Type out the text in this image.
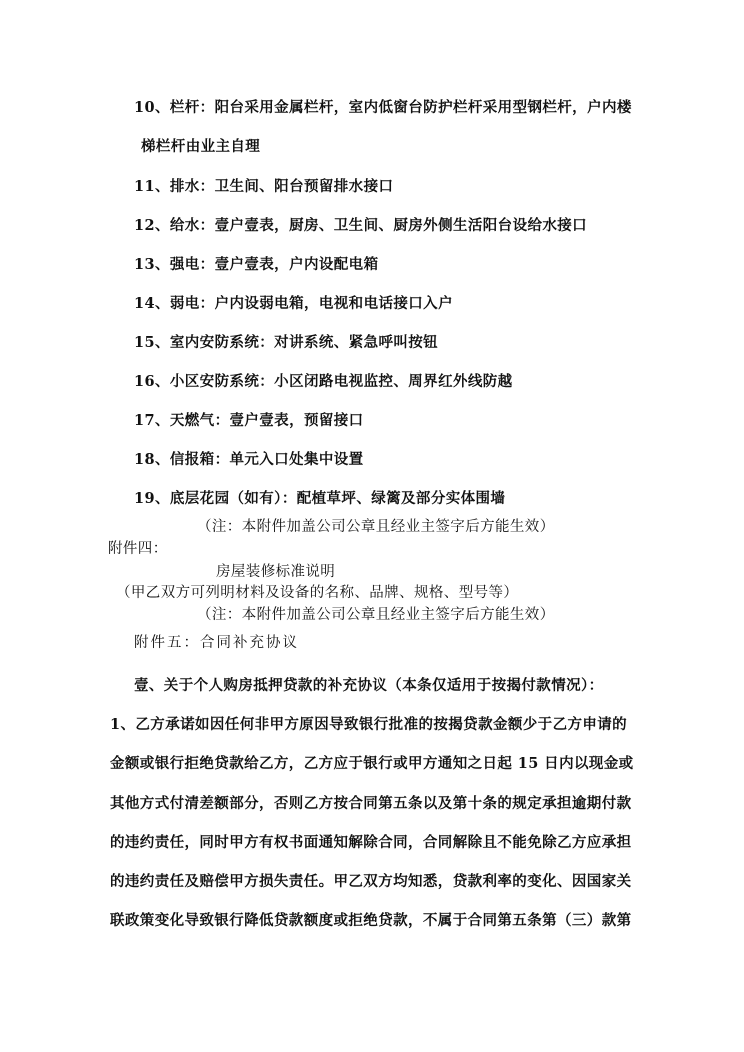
10、栏杆：阳台采用金属栏杆，室内低窗台防护栏杆采用型钢栏杆，户内楼
梯栏杆由业主自理
11、排水：卫生间、阳台预留排水接口
12、给水：壹户壹表，厨房、卫生间、厨房外侧生活阳台设给水接口
13、强电：壹户壹表，户内设配电箱
14、弱电：户内设弱电箱，电视和电话接口入户
15、室内安防系统：对讲系统、紧急呼叫按钮
16、小区安防系统：小区闭路电视监控、周界红外线防越
17、天燃气：壹户壹表，预留接口
18、信报箱：单元入口处集中设置
19、底层花园（如有）：配植草坪、绿篱及部分实体围墙
（注：本附件加盖公司公章且经业主签字后方能生效）
附件四：
房屋装修标准说明
（甲乙双方可列明材料及设备的名称、品牌、规格、型号等）
（注：本附件加盖公司公章且经业主签字后方能生效）
附件五：合同补充协议
壹、关于个人购房抵押贷款的补充协议（本条仅适用于按揭付款情况）：
1、乙方承诺如因任何非甲方原因导致银行批准的按揭贷款金额少于乙方申请的
金额或银行拒绝贷款给乙方，乙方应于银行或甲方通知之日起 15 日内以现金或
其他方式付清差额部分，否则乙方按合同第五条以及第十条的规定承担逾期付款
的违约责任，同时甲方有权书面通知解除合同，合同解除且不能免除乙方应承担
的违约责任及赔偿甲方损失责任。甲乙双方均知悉，贷款利率的变化、因国家关
联政策变化导致银行降低贷款额度或拒绝贷款，不属于合同第五条第（三）款第
